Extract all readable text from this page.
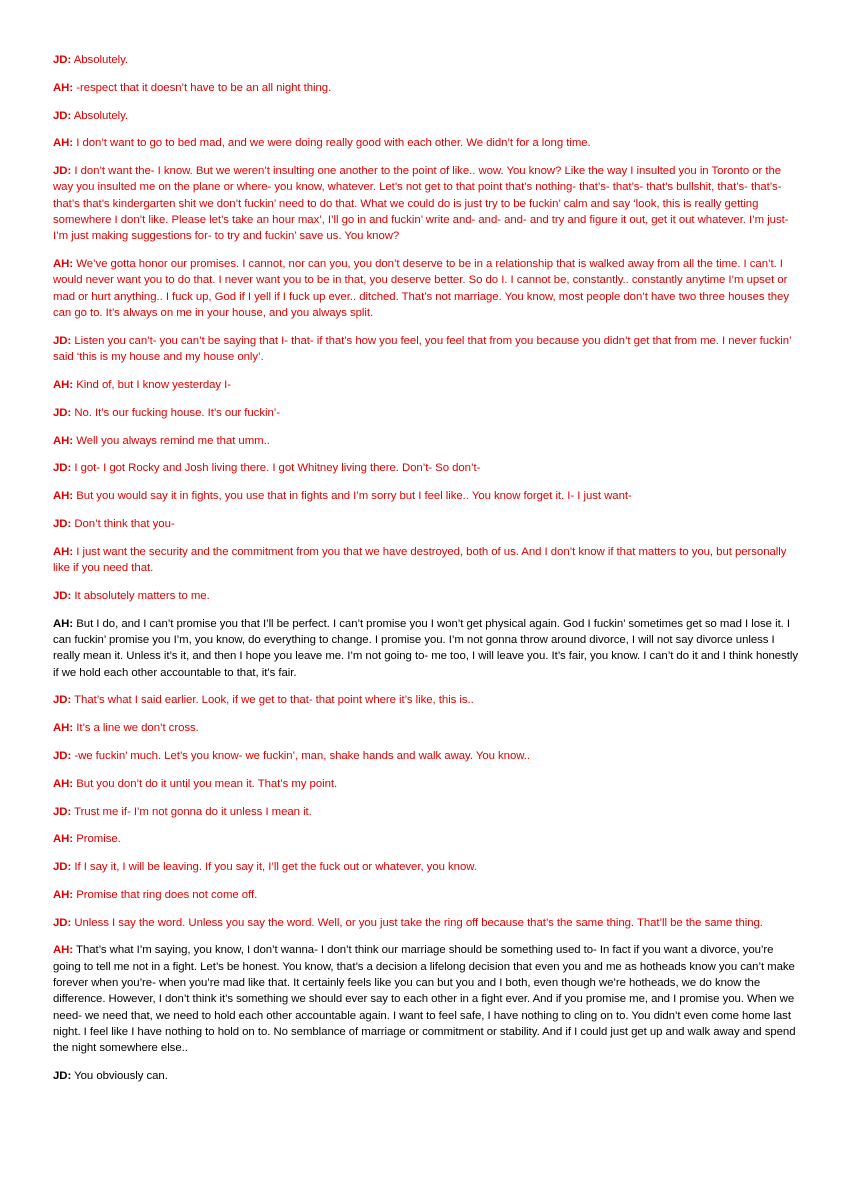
JD: Absolutely.

AH: -respect that it doesn’t have to be an all night thing.

JD: Absolutely.

AH: I don’t want to go to bed mad, and we were doing really good with each other. We didn’t for a long time.

JD: I don’t want the- I know. But we weren’t insulting one another to the point of like.. wow. You know? Like the way I insulted you in Toronto or the way you insulted me on the plane or where- you know, whatever. Let’s not get to that point that’s nothing- that’s- that’s- that’s bullshit, that’s- that’s- that’s that’s kindergarten shit we don’t fuckin’ need to do that. What we could do is just try to be fuckin’ calm and say ‘look, this is really getting somewhere I don’t like. Please let’s take an hour max’, I’ll go in and fuckin’ write and- and- and- and try and figure it out, get it out whatever. I’m just- I’m just making suggestions for- to try and fuckin’ save us. You know?

AH: We’ve gotta honor our promises. I cannot, nor can you, you don’t deserve to be in a relationship that is walked away from all the time. I can’t. I would never want you to do that. I never want you to be in that, you deserve better. So do I. I cannot be, constantly.. constantly anytime I’m upset or mad or hurt anything.. I fuck up, God if I yell if I fuck up ever.. ditched. That’s not marriage. You know, most people don’t have two three houses they can go to. It’s always on me in your house, and you always split.

JD: Listen you can’t- you can’t be saying that I- that- if that’s how you feel, you feel that from you because you didn’t get that from me. I never fuckin’ said ‘this is my house and my house only’.

AH: Kind of, but I know yesterday I-

JD: No. It’s our fucking house. It’s our fuckin’-

AH: Well you always remind me that umm..

JD: I got- I got Rocky and Josh living there. I got Whitney living there. Don’t- So don’t-

AH: But you would say it in fights, you use that in fights and I’m sorry but I feel like.. You know forget it. I- I just want-

JD: Don’t think that you-

AH: I just want the security and the commitment from you that we have destroyed, both of us. And I don’t know if that matters to you, but personally like if you need that.

JD: It absolutely matters to me.

AH: But I do, and I can’t promise you that I’ll be perfect. I can’t promise you I won’t get physical again. God I fuckin’ sometimes get so mad I lose it. I can fuckin’ promise you I’m, you know, do everything to change. I promise you. I’m not gonna throw around divorce, I will not say divorce unless I really mean it. Unless it’s it, and then I hope you leave me. I’m not going to- me too, I will leave you. It’s fair, you know. I can’t do it and I think honestly if we hold each other accountable to that, it’s fair.

JD: That’s what I said earlier. Look, if we get to that- that point where it’s like, this is..

AH: It’s a line we don’t cross.

JD: -we fuckin’ much. Let’s you know- we fuckin’, man, shake hands and walk away. You know..

AH: But you don’t do it until you mean it. That’s my point.

JD: Trust me if- I’m not gonna do it unless I mean it.

AH: Promise.

JD: If I say it, I will be leaving. If you say it, I’ll get the fuck out or whatever, you know.

AH: Promise that ring does not come off.

JD: Unless I say the word. Unless you say the word. Well, or you just take the ring off because that’s the same thing. That’ll be the same thing.

AH: That’s what I’m saying, you know, I don’t wanna- I don’t think our marriage should be something used to- In fact if you want a divorce, you’re going to tell me not in a fight. Let’s be honest. You know, that’s a decision a lifelong decision that even you and me as hotheads know you can’t make forever when you’re- when you’re mad like that. It certainly feels like you can but you and I both, even though we’re hotheads, we do know the difference. However, I don’t think it’s something we should ever say to each other in a fight ever. And if you promise me, and I promise you. When we need- we need that, we need to hold each other accountable again. I want to feel safe, I have nothing to cling on to. You didn’t even come home last night. I feel like I have nothing to hold on to. No semblance of marriage or commitment or stability. And if I could just get up and walk away and spend the night somewhere else..

JD: You obviously can.
